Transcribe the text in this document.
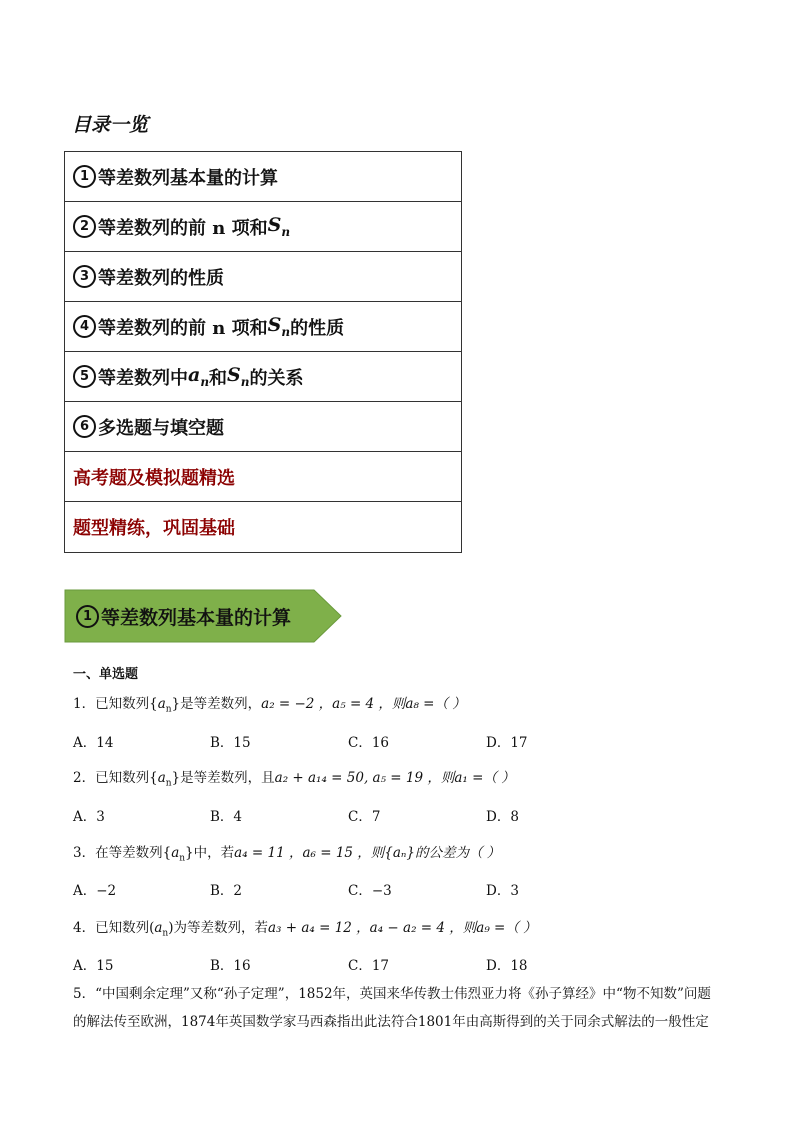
目录一览
1 等差数列基本量的计算
2 等差数列的前 n 项和 $S_n$
3 等差数列的性质
4 等差数列的前 n 项和 $S_n$ 的性质
5 等差数列中 $a_n$ 和 $S_n$ 的关系
6 多选题与填空题
高考题及模拟题精选
题型精练，巩固基础
1 等差数列基本量的计算
一、单选题
1．已知数列$\{a_n\}$是等差数列，a₂ = −2 ，a₅ = 4 ，则a₈ =（ ）
A．14	B．15	C．16	D．17
2．已知数列$\{a_n\}$是等差数列，且a₂ + a₁₄ = 50, a₅ = 19 ，则a₁ =（ ）
A．3	B．4	C．7	D．8
3．在等差数列$\{a_n\}$中，若a₄ = 11 ，a₆ = 15 ，则{aₙ}的公差为（ ）
A．−2	B．2	C．−3	D．3
4．已知数列$(a_n)$为等差数列，若a₃ + a₄ = 12 ，a₄ − a₂ = 4 ，则a₉ =（ ）
A．15	B．16	C．17	D．18
5．“中国剩余定理”又称“孙子定理”，1852年，英国来华传教士伟烈亚力将《孙子算经》中“物不知数”问题
的解法传至欧洲，1874年英国数学家马西森指出此法符合1801年由高斯得到的关于同余式解法的一般性定
